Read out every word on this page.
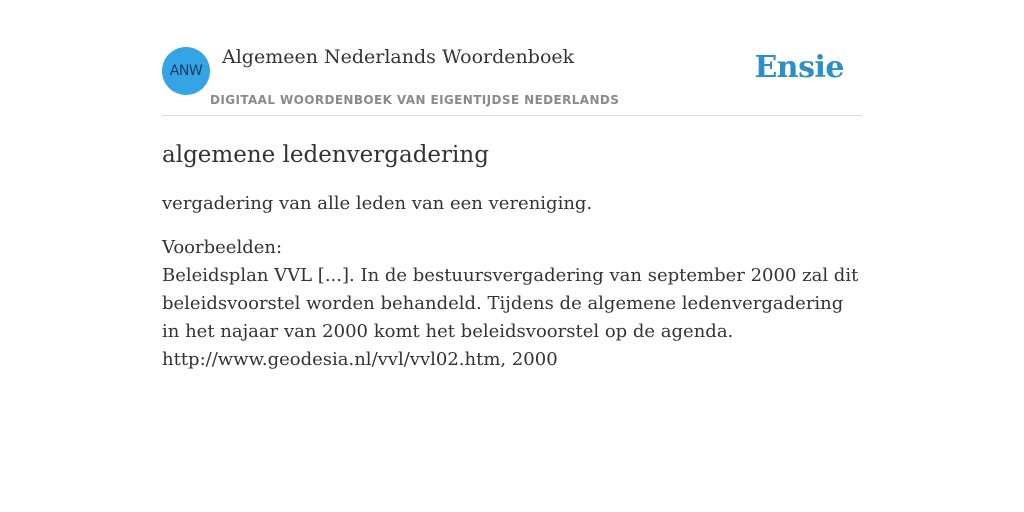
ANW
Algemeen Nederlands Woordenboek
DIGITAAL WOORDENBOEK VAN EIGENTIJDSE NEDERLANDS
Ensie
algemene ledenvergadering

vergadering van alle leden van een vereniging.

Voorbeelden:
Beleidsplan VVL [...]. In de bestuursvergadering van september 2000 zal dit beleidsvoorstel worden behandeld. Tijdens de algemene ledenvergadering in het najaar van 2000 komt het beleidsvoorstel op de agenda.
http://www.geodesia.nl/vvl/vvl02.htm, 2000
